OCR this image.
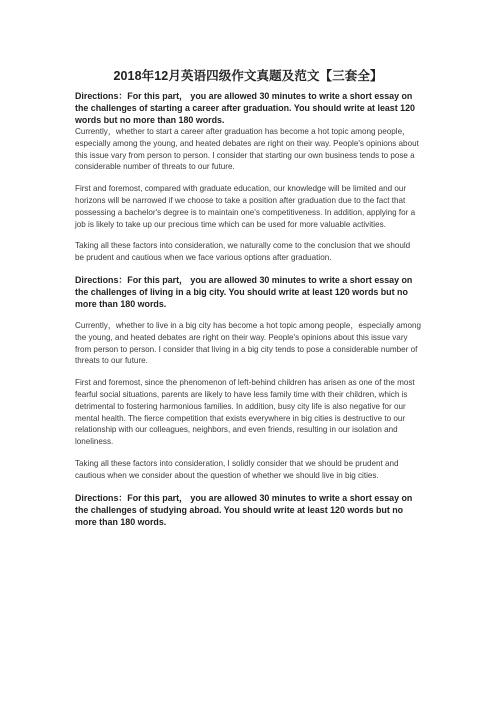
2018年12月英语四级作文真题及范文【三套全】

Directions：For this part， you are allowed 30 minutes to write a short essay on the challenges of starting a career after graduation. You should write at least 120 words but no more than 180 words.

Currently，whether to start a career after graduation has become a hot topic among people，especially among the young, and heated debates are right on their way. People's opinions about this issue vary from person to person. I consider that starting our own business tends to pose a considerable number of threats to our future.

First and foremost, compared with graduate education, our knowledge will be limited and our horizons will be narrowed if we choose to take a position after graduation due to the fact that possessing a bachelor's degree is to maintain one's competitiveness. In addition, applying for a job is likely to take up our precious time which can be used for more valuable activities.

Taking all these factors into consideration, we naturally come to the conclusion that we should be prudent and cautious when we face various options after graduation.

Directions：For this part， you are allowed 30 minutes to write a short essay on the challenges of living in a big city. You should write at least 120 words but no more than 180 words.

Currently，whether to live in a big city has become a hot topic among people，especially among the young, and heated debates are right on their way. People's opinions about this issue vary from person to person. I consider that living in a big city tends to pose a considerable number of threats to our future.

First and foremost, since the phenomenon of left-behind children has arisen as one of the most fearful social situations, parents are likely to have less family time with their children, which is detrimental to fostering harmonious families. In addition, busy city life is also negative for our mental health. The fierce competition that exists everywhere in big cities is destructive to our relationship with our colleagues, neighbors, and even friends, resulting in our isolation and loneliness.

Taking all these factors into consideration, I solidly consider that we should be prudent and cautious when we consider about the question of whether we should live in big cities.

Directions：For this part， you are allowed 30 minutes to write a short essay on the challenges of studying abroad. You should write at least 120 words but no more than 180 words.
